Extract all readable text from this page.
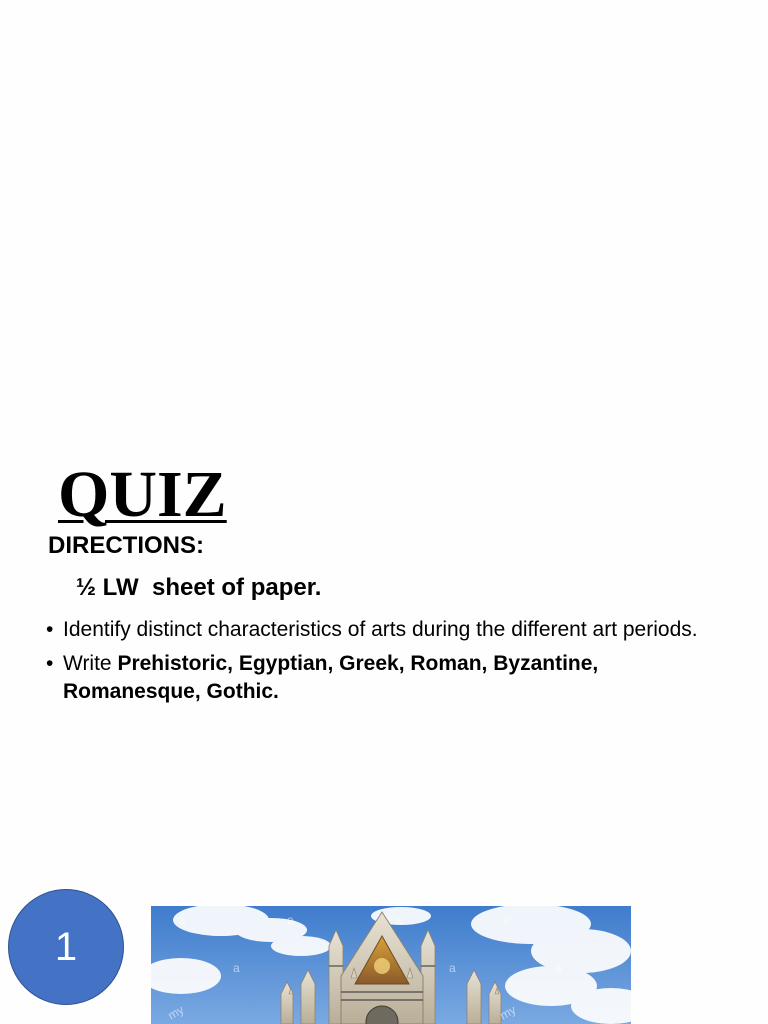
QUIZ
DIRECTIONS:
½ LW  sheet of paper.
• Identify distinct characteristics of arts during the different art periods.
• Write Prehistoric, Egyptian, Greek, Roman, Byzantine, Romanesque, Gothic.
1
a	a	a	a
a	a	a
my	my
